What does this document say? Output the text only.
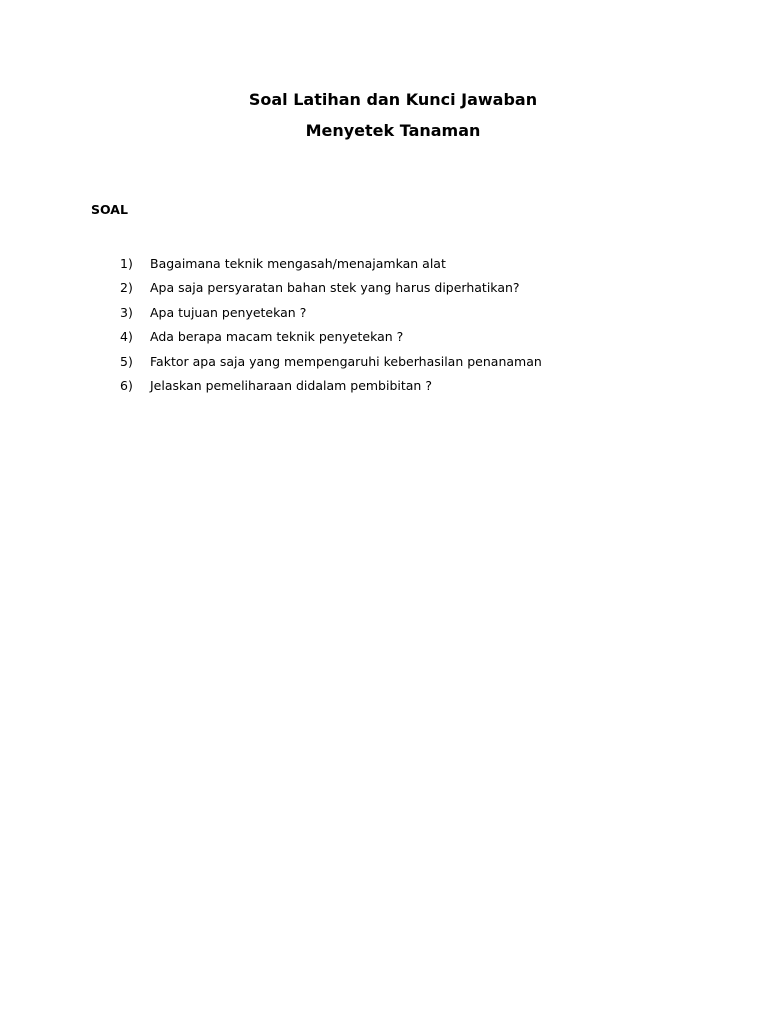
Soal Latihan dan Kunci Jawaban
Menyetek Tanaman
SOAL
1)	Bagaimana teknik mengasah/menajamkan alat
2)	Apa saja persyaratan bahan stek yang harus diperhatikan?
3)	Apa tujuan penyetekan ?
4)	Ada berapa macam teknik penyetekan ?
5)	Faktor apa saja yang mempengaruhi keberhasilan penanaman
6)	Jelaskan pemeliharaan didalam pembibitan ?
